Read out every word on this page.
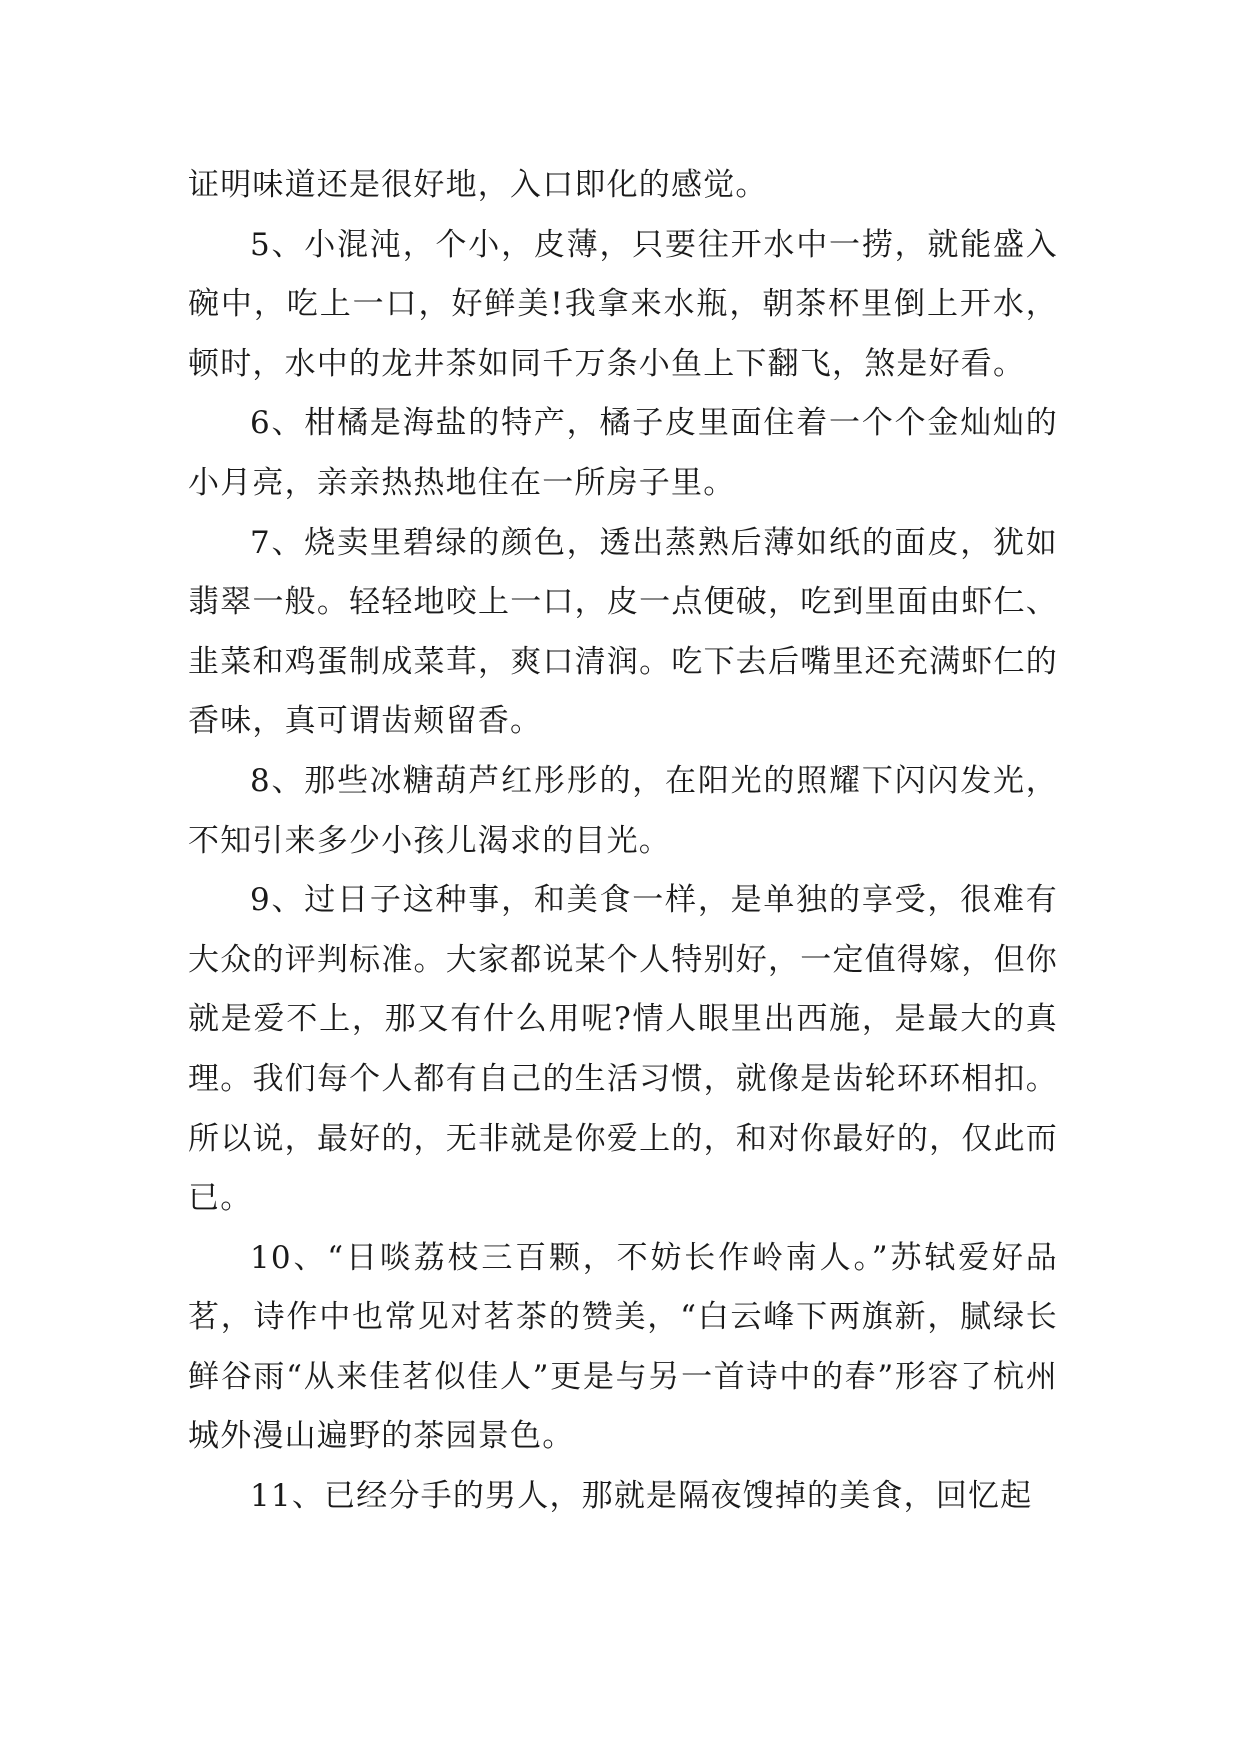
证明味道还是很好地，入口即化的感觉。

5、小混沌，个小，皮薄，只要往开水中一捞，就能盛入碗中，吃上一口，好鲜美!我拿来水瓶，朝茶杯里倒上开水，顿时，水中的龙井茶如同千万条小鱼上下翻飞，煞是好看。

6、柑橘是海盐的特产，橘子皮里面住着一个个金灿灿的小月亮，亲亲热热地住在一所房子里。

7、烧卖里碧绿的颜色，透出蒸熟后薄如纸的面皮，犹如翡翠一般。轻轻地咬上一口，皮一点便破，吃到里面由虾仁、韭菜和鸡蛋制成菜茸，爽口清润。吃下去后嘴里还充满虾仁的香味，真可谓齿颊留香。

8、那些冰糖葫芦红彤彤的，在阳光的照耀下闪闪发光，不知引来多少小孩儿渴求的目光。

9、过日子这种事，和美食一样，是单独的享受，很难有大众的评判标准。大家都说某个人特别好，一定值得嫁，但你就是爱不上，那又有什么用呢?情人眼里出西施，是最大的真理。我们每个人都有自己的生活习惯，就像是齿轮环环相扣。所以说，最好的，无非就是你爱上的，和对你最好的，仅此而已。

10、“日啖荔枝三百颗，不妨长作岭南人。”苏轼爱好品茗，诗作中也常见对茗茶的赞美，“白云峰下两旗新，腻绿长鲜谷雨“从来佳茗似佳人”更是与另一首诗中的春”形容了杭州城外漫山遍野的茶园景色。

11、已经分手的男人，那就是隔夜馊掉的美食，回忆起
